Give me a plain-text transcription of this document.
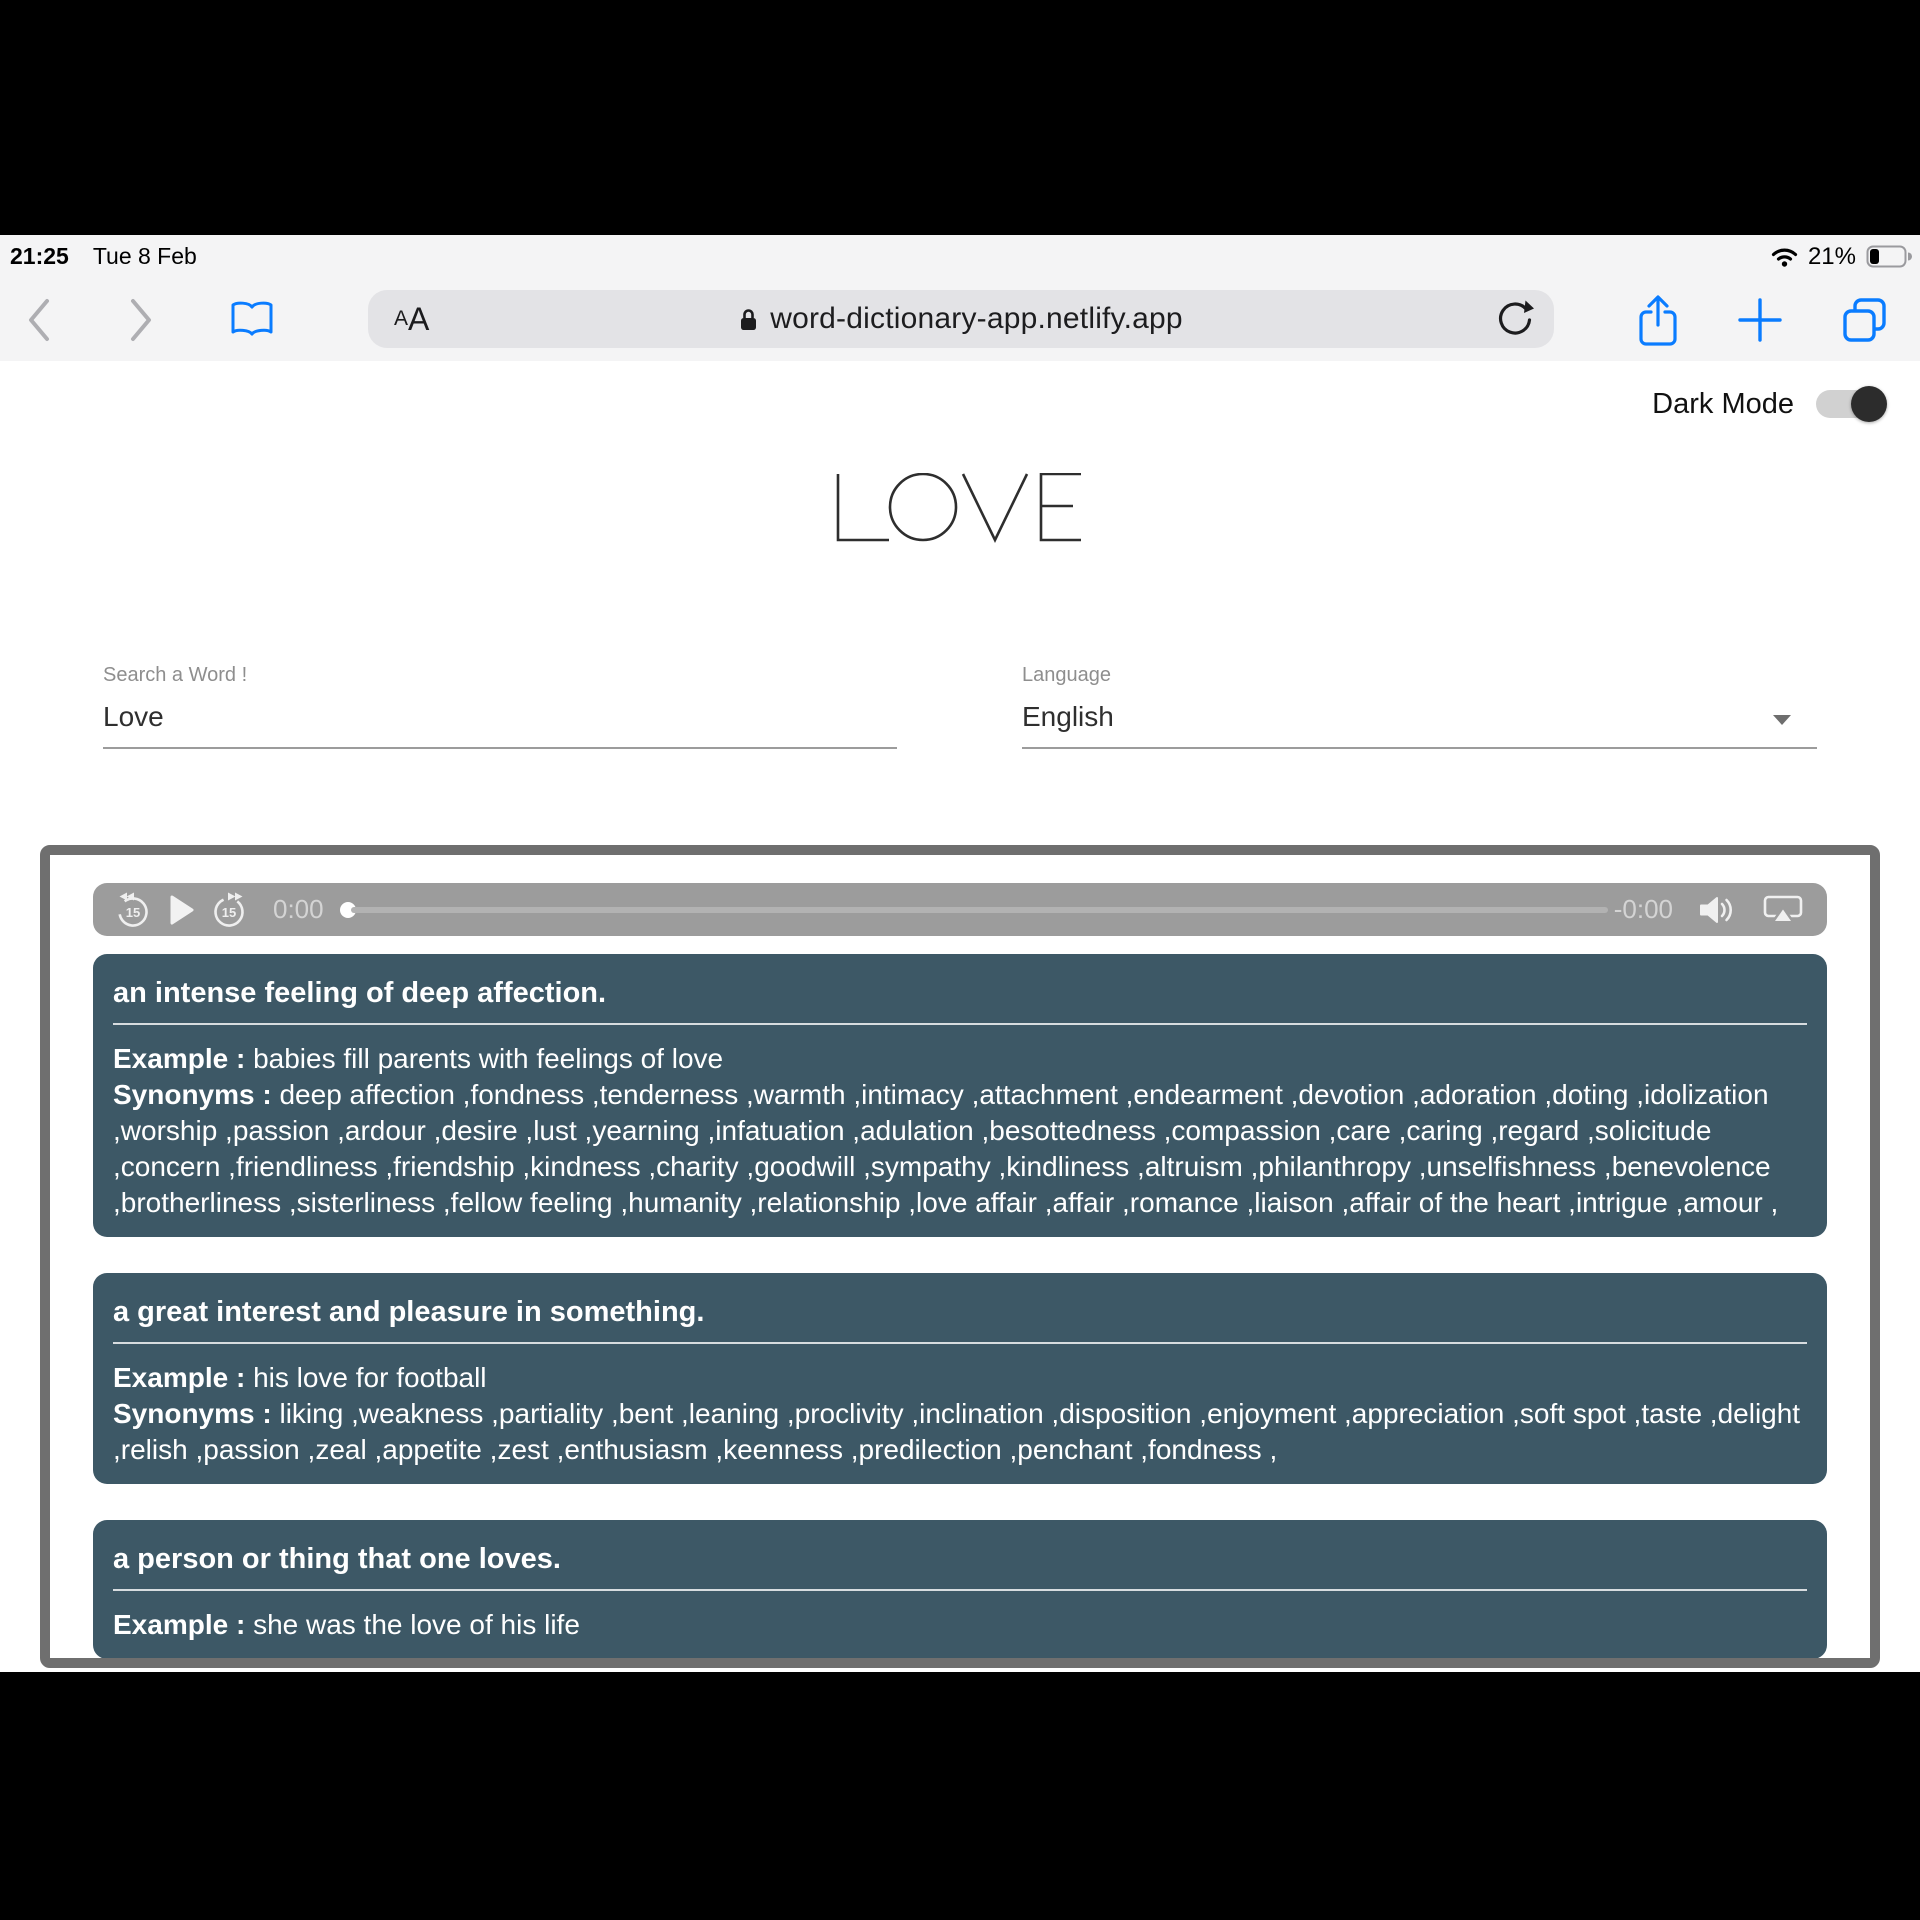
21:25 Tue 8 Feb	21%
A A	word-dictionary-app.netlify.app
Dark Mode
Search a Word !
Love
Language
English
15	15 0:00	-0:00
an intense feeling of deep affection.

Example : babies fill parents with feelings of love

Synonyms : deep affection ,fondness ,tenderness ,warmth ,intimacy ,attachment ,endearment ,devotion ,adoration ,doting ,idolization ,worship ,passion ,ardour ,desire ,lust ,yearning ,infatuation ,adulation ,besottedness ,compassion ,care ,caring ,regard ,solicitude ,concern ,friendliness ,friendship ,kindness ,charity ,goodwill ,sympathy ,kindliness ,altruism ,philanthropy ,unselfishness ,benevolence ,brotherliness ,sisterliness ,fellow feeling ,humanity ,relationship ,love affair ,affair ,romance ,liaison ,affair of the heart ,intrigue ,amour ,

a great interest and pleasure in something.

Example : his love for football

Synonyms : liking ,weakness ,partiality ,bent ,leaning ,proclivity ,inclination ,disposition ,enjoyment ,appreciation ,soft spot ,taste ,delight ,relish ,passion ,zeal ,appetite ,zest ,enthusiasm ,keenness ,predilection ,penchant ,fondness ,

a person or thing that one loves.

Example : she was the love of his life
